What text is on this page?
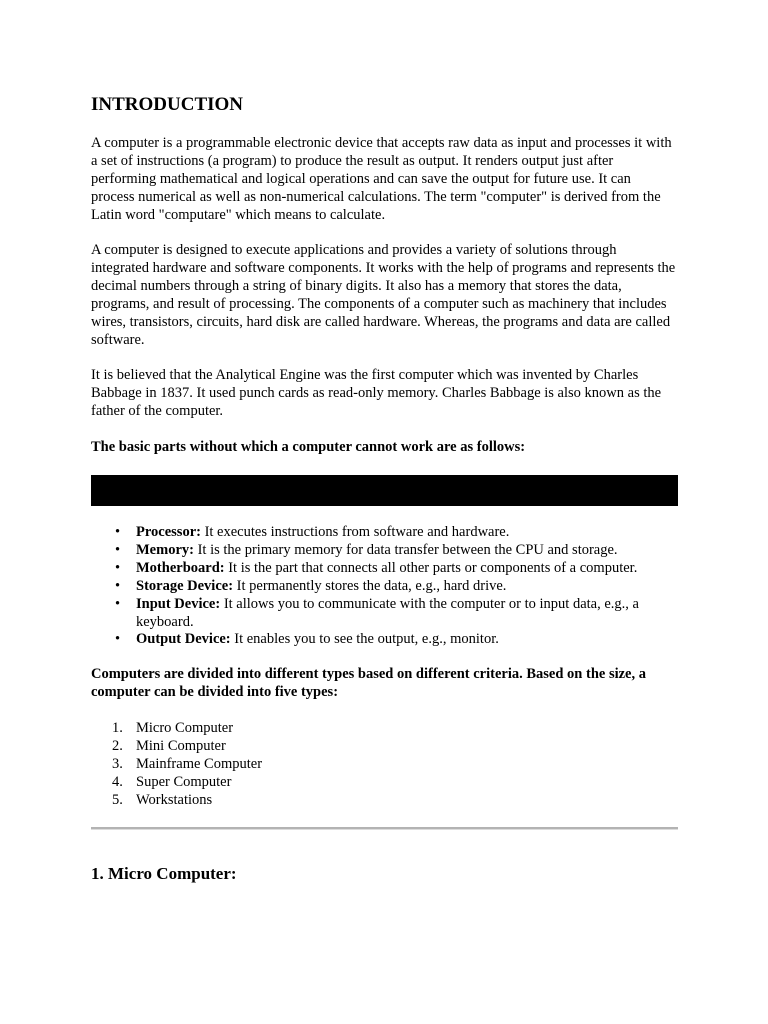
INTRODUCTION

A computer is a programmable electronic device that accepts raw data as input and processes it with a set of instructions (a program) to produce the result as output. It renders output just after performing mathematical and logical operations and can save the output for future use. It can process numerical as well as non-numerical calculations. The term "computer" is derived from the Latin word "computare" which means to calculate.

A computer is designed to execute applications and provides a variety of solutions through integrated hardware and software components. It works with the help of programs and represents the decimal numbers through a string of binary digits. It also has a memory that stores the data, programs, and result of processing. The components of a computer such as machinery that includes wires, transistors, circuits, hard disk are called hardware. Whereas, the programs and data are called software.

It is believed that the Analytical Engine was the first computer which was invented by Charles Babbage in 1837. It used punch cards as read-only memory. Charles Babbage is also known as the father of the computer.

The basic parts without which a computer cannot work are as follows:

• Processor: It executes instructions from software and hardware.
• Memory: It is the primary memory for data transfer between the CPU and storage.
• Motherboard: It is the part that connects all other parts or components of a computer.
• Storage Device: It permanently stores the data, e.g., hard drive.
• Input Device: It allows you to communicate with the computer or to input data, e.g., a keyboard.
• Output Device: It enables you to see the output, e.g., monitor.

Computers are divided into different types based on different criteria. Based on the size, a computer can be divided into five types:

1. Micro Computer
2. Mini Computer
3. Mainframe Computer
4. Super Computer
5. Workstations
1. Micro Computer:
